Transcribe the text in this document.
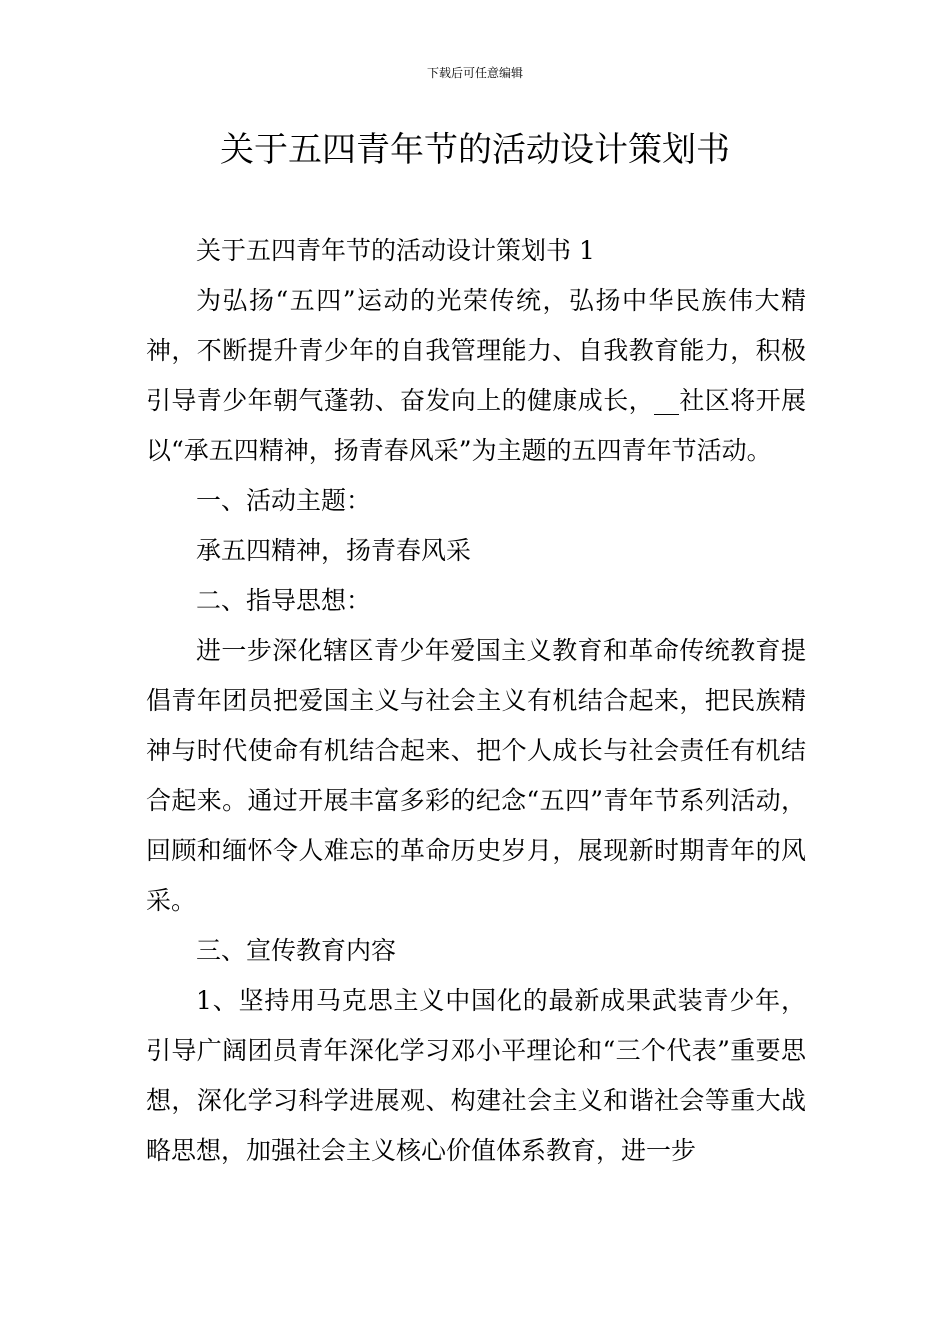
下载后可任意编辑
关于五四青年节的活动设计策划书

关于五四青年节的活动设计策划书 1

为弘扬“五四”运动的光荣传统，弘扬中华民族伟大精神，不断提升青少年的自我管理能力、自我教育能力，积极引导青少年朝气蓬勃、奋发向上的健康成长，__社区将开展以“承五四精神，扬青春风采”为主题的五四青年节活动。

一、活动主题：

承五四精神，扬青春风采

二、指导思想：

进一步深化辖区青少年爱国主义教育和革命传统教育提倡青年团员把爱国主义与社会主义有机结合起来，把民族精神与时代使命有机结合起来、把个人成长与社会责任有机结合起来。通过开展丰富多彩的纪念“五四”青年节系列活动，回顾和缅怀令人难忘的革命历史岁月，展现新时期青年的风采。

三、宣传教育内容

1、坚持用马克思主义中国化的最新成果武装青少年，引导广阔团员青年深化学习邓小平理论和“三个代表”重要思想，深化学习科学进展观、构建社会主义和谐社会等重大战略思想，加强社会主义核心价值体系教育，进一步
